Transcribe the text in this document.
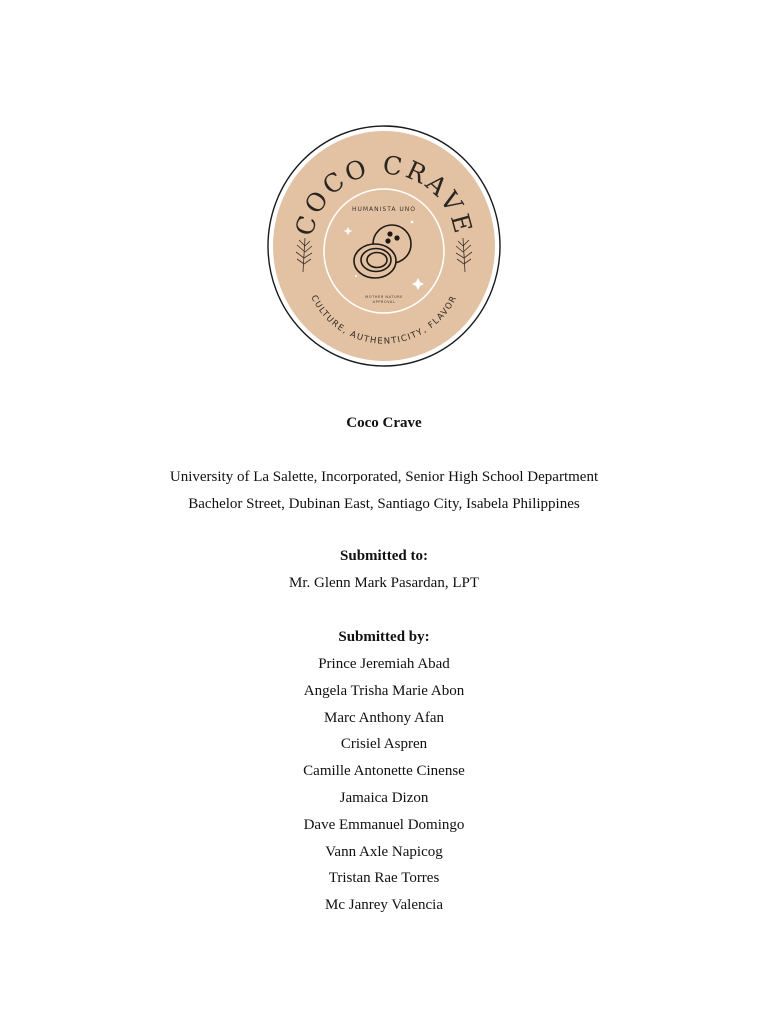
COCO CRAVE
CULTURE, AUTHENTICITY, FLAVOR
HUMANISTA UNO
MOTHER NATURE
APPROVAL
Coco Crave
University of La Salette, Incorporated, Senior High School Department
Bachelor Street, Dubinan East, Santiago City, Isabela Philippines
Submitted to:
Mr. Glenn Mark Pasardan, LPT
Submitted by:
Prince Jeremiah Abad
Angela Trisha Marie Abon
Marc Anthony Afan
Crisiel Aspren
Camille Antonette Cinense
Jamaica Dizon
Dave Emmanuel Domingo
Vann Axle Napicog
Tristan Rae Torres
Mc Janrey Valencia
